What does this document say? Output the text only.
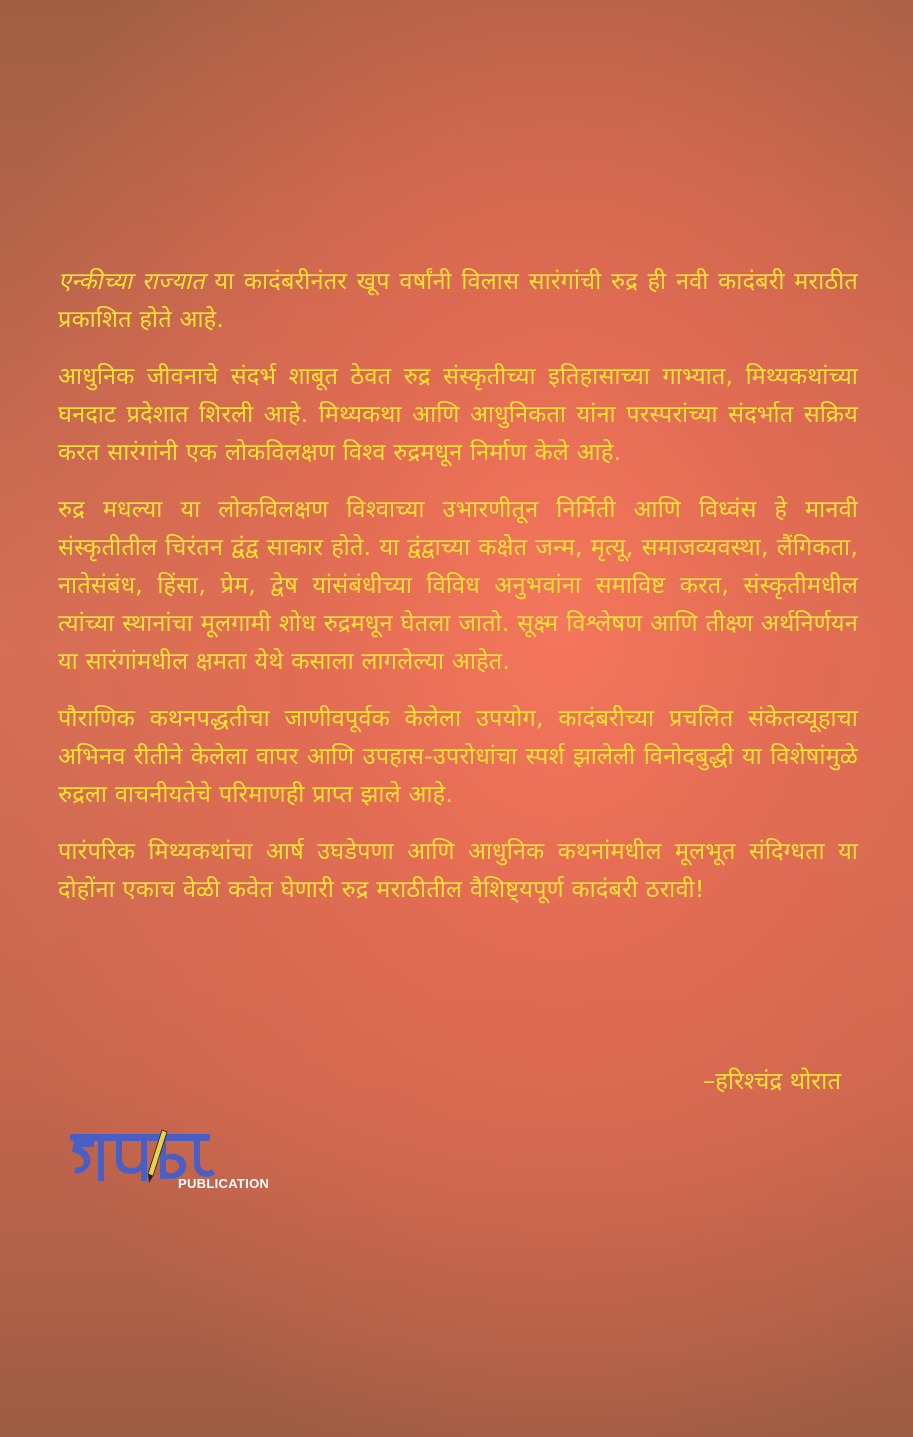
एन्कीच्या राज्यात या कादंबरीनंतर खूप वर्षांनी विलास सारंगांची रुद्र ही नवी कादंबरी मराठीत प्रकाशित होते आहे.

आधुनिक जीवनाचे संदर्भ शाबूत ठेवत रुद्र संस्कृतीच्या इतिहासाच्या गाभ्यात, मिथ्यकथांच्या घनदाट प्रदेशात शिरली आहे. मिथ्यकथा आणि आधुनिकता यांना परस्परांच्या संदर्भात सक्रिय करत सारंगांनी एक लोकविलक्षण विश्व रुद्रमधून निर्माण केले आहे.

रुद्र मधल्या या लोकविलक्षण विश्वाच्या उभारणीतून निर्मिती आणि विध्वंस हे मानवी संस्कृतीतील चिरंतन द्वंद्व साकार होते. या द्वंद्वाच्या कक्षेत जन्म, मृत्यू, समाजव्यवस्था, लैंगिकता, नातेसंबंध, हिंसा, प्रेम, द्वेष यांसंबंधीच्या विविध अनुभवांना समाविष्ट करत, संस्कृतीमधील त्यांच्या स्थानांचा मूलगामी शोध रुद्रमधून घेतला जातो. सूक्ष्म विश्लेषण आणि तीक्ष्ण अर्थनिर्णयन या सारंगांमधील क्षमता येथे कसाला लागलेल्या आहेत.

पौराणिक कथनपद्धतीचा जाणीवपूर्वक केलेला उपयोग, कादंबरीच्या प्रचलित संकेतव्यूहाचा अभिनव रीतीने केलेला वापर आणि उपहास-उपरोधांचा स्पर्श झालेली विनोदबुद्धी या विशेषांमुळे रुद्रला वाचनीयतेचे परिमाणही प्राप्त झाले आहे.

पारंपरिक मिथ्यकथांचा आर्ष उघडेपणा आणि आधुनिक कथनांमधील मूलभूत संदिग्धता या दोहोंना एकाच वेळी कवेत घेणारी रुद्र मराठीतील वैशिष्ट्यपूर्ण कादंबरी ठरावी!

–हरिश्चंद्र थोरात
PUBLICATION
